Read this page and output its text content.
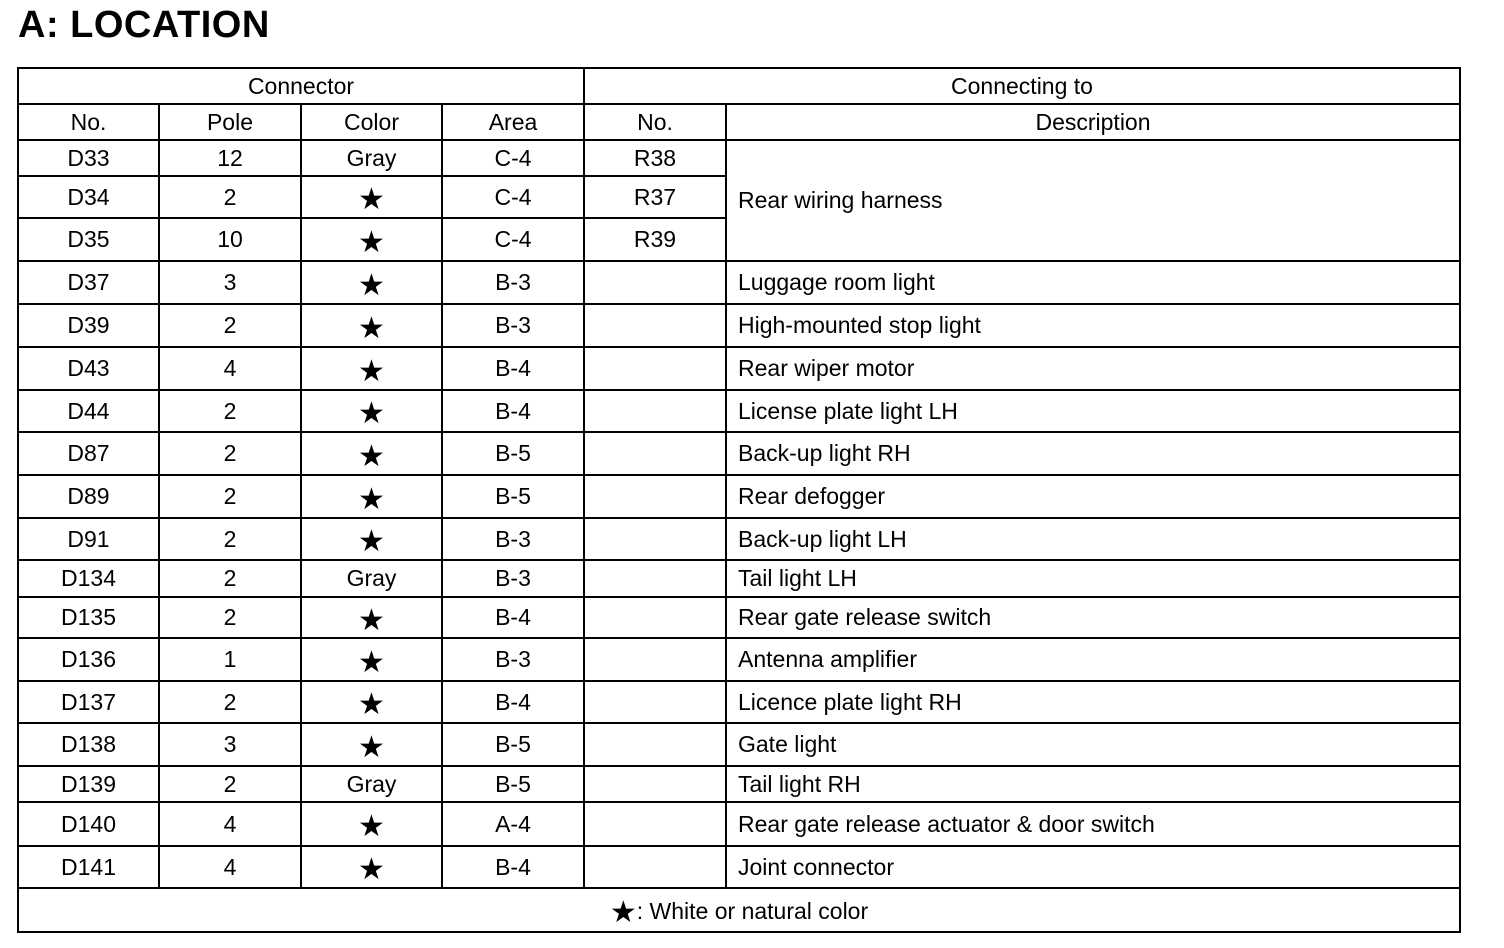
A: LOCATION
Connector				Connecting to	
No.	Pole	Color	Area	No.	Description
D33	12	Gray	C-4	R38	Rear wiring harness
D34	2	★	C-4	R37	
D35	10	★	C-4	R39	
D37	3	★	B-3		Luggage room light
D39	2	★	B-3		High-mounted stop light
D43	4	★	B-4		Rear wiper motor
D44	2	★	B-4		License plate light LH
D87	2	★	B-5		Back-up light RH
D89	2	★	B-5		Rear defogger
D91	2	★	B-3		Back-up light LH
D134	2	Gray	B-3		Tail light LH
D135	2	★	B-4		Rear gate release switch
D136	1	★	B-3		Antenna amplifier
D137	2	★	B-4		Licence plate light RH
D138	3	★	B-5		Gate light
D139	2	Gray	B-5		Tail light RH
D140	4	★	A-4		Rear gate release actuator & door switch
D141	4	★	B-4		Joint connector
★: White or natural color					
